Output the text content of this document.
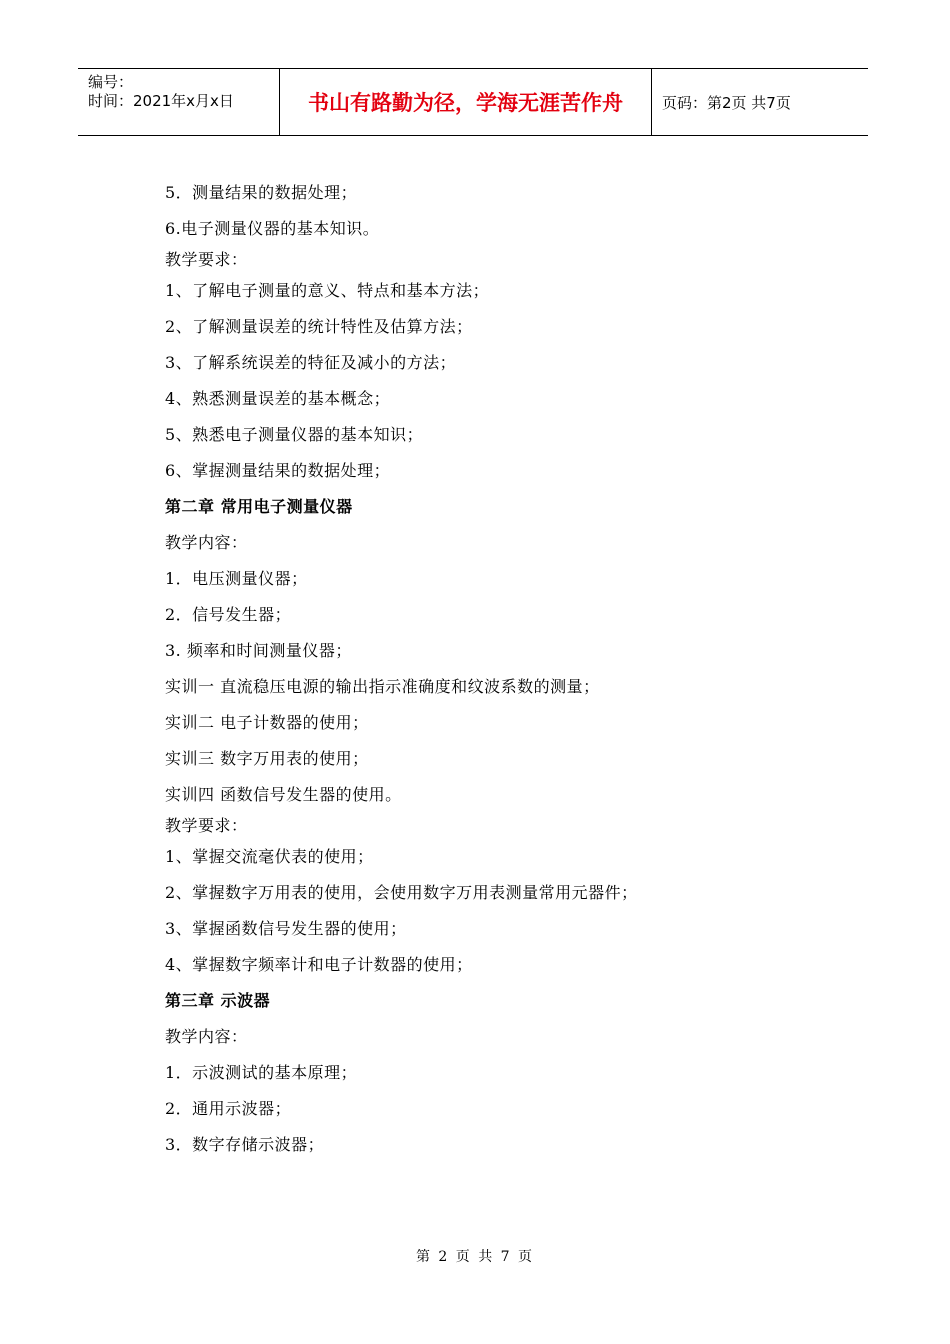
编号：
时间：2021年x月x日	书山有路勤为径，学海无涯苦作舟	页码：第2页 共7页
5．测量结果的数据处理；
6.电子测量仪器的基本知识。
教学要求：
1、了解电子测量的意义、特点和基本方法；
2、了解测量误差的统计特性及估算方法；
3、了解系统误差的特征及减小的方法；
4、熟悉测量误差的基本概念；
5、熟悉电子测量仪器的基本知识；
6、掌握测量结果的数据处理；
第二章 常用电子测量仪器
教学内容：
1．电压测量仪器；
2．信号发生器；
3. 频率和时间测量仪器；
实训一 直流稳压电源的输出指示准确度和纹波系数的测量；
实训二 电子计数器的使用；
实训三 数字万用表的使用；
实训四 函数信号发生器的使用。
教学要求：
1、掌握交流毫伏表的使用；
2、掌握数字万用表的使用，会使用数字万用表测量常用元器件；
3、掌握函数信号发生器的使用；
4、掌握数字频率计和电子计数器的使用；
第三章 示波器
教学内容：
1．示波测试的基本原理；
2．通用示波器；
3．数字存储示波器；
第 2 页 共 7 页
